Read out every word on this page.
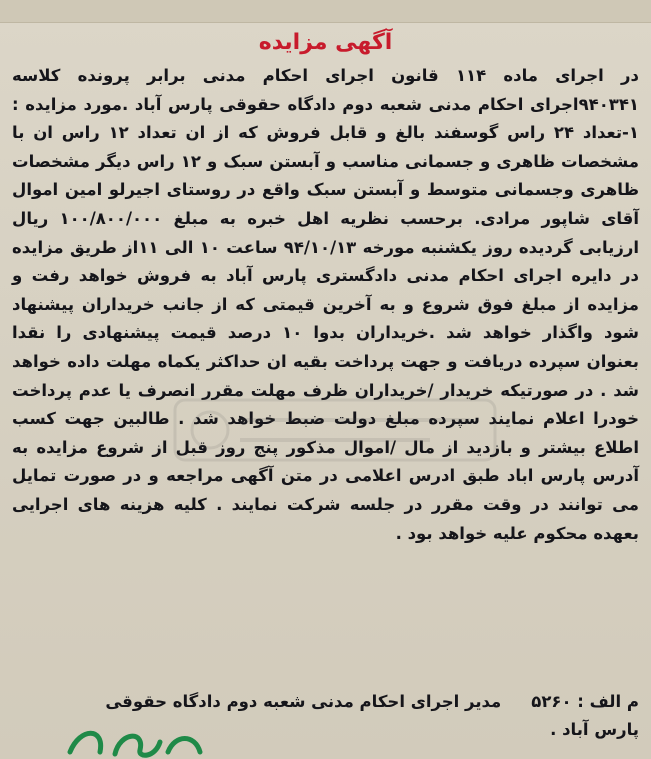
آگهی مزایده
در اجرای ماده ۱۱۴ قانون اجرای احکام مدنی برابر پرونده کلاسه ۹۴۰۳۴۱اجرای احکام مدنی شعبه دوم دادگاه حقوقی پارس آباد .مورد مزایده : ۱-تعداد ۲۴ راس گوسفند بالغ و قابل فروش که از ان تعداد ۱۲ راس ان با مشخصات ظاهری و جسمانی مناسب و آبستن سبک و ۱۲ راس دیگر مشخصات ظاهری وجسمانی متوسط و آبستن سبک واقع در روستای اجیرلو امین اموال آقای شاپور مرادی. برحسب نظریه اهل خبره به مبلغ ۱۰۰/۸۰۰/۰۰۰ ریال ارزیابی گردیده روز یکشنبه مورخه ۹۴/۱۰/۱۳ ساعت ۱۰ الی ۱۱از طریق مزایده در دایره اجرای احکام مدنی دادگستری پارس آباد به فروش خواهد رفت و مزایده از مبلغ فوق شروع و به آخرین قیمتی که از جانب خریداران پیشنهاد شود واگذار خواهد شد .خریداران بدوا ۱۰ درصد قیمت پیشنهادی را نقدا بعنوان سپرده دریافت و جهت پرداخت بقیه ان حداکثر یکماه مهلت داده خواهد شد . در صورتیکه خریدار /خریداران ظرف مهلت مقرر انصرف یا عدم پرداخت خودرا اعلام نمایند سپرده مبلغ دولت ضبط خواهد شد . طالبین جهت کسب اطلاع بیشتر و بازدید از مال /اموال مذکور پنج روز قبل از شروع مزایده به آدرس پارس اباد طبق ادرس اعلامی در متن آگهی مراجعه و در صورت تمایل می توانند در وقت مقرر در جلسه شرکت نمایند . کلیه هزینه های اجرایی بعهده محکوم علیه خواهد بود .
م الف : ۵۲۶۰مدیر اجرای احکام مدنی شعبه دوم دادگاه حقوقی
پارس آباد .
